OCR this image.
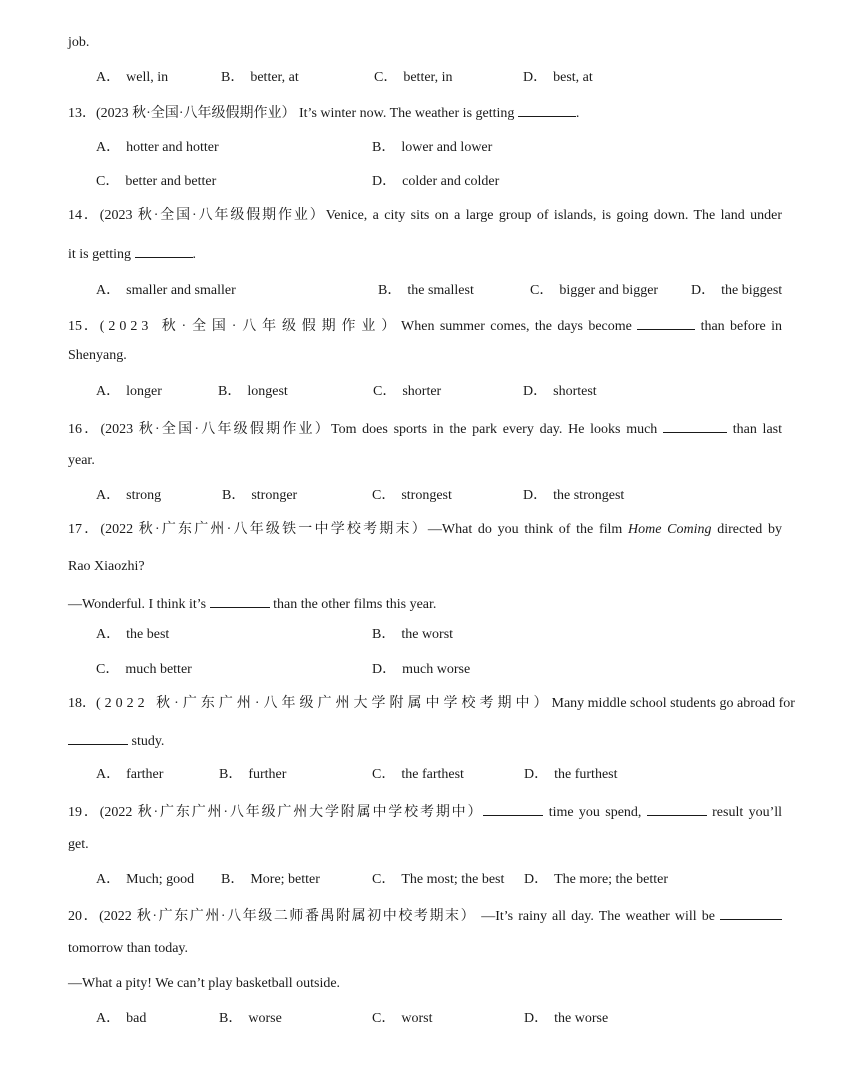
job.
A． well, in	B． better, at	C． better, in	D． best, at
13．(2023 秋·全国·八年级假期作业） It’s winter now. The weather is getting	.
A． hotter and hotter	B． lower and lower
C． better and better	D． colder and colder
14．(2023 秋·全国·八年级假期作业）Venice, a city sits on a large group of islands, is going down. The land under
it is getting	.
A． smaller and smaller	B． the smallest	C． bigger and bigger D． the biggest
15．(2023 秋·全国·八年级假期作业）When summer comes, the days become	than before in
Shenyang.
A． longer	B． longest	C． shorter	D． shortest
16．(2023 秋·全国·八年级假期作业）Tom does sports in the park every day. He looks much	than last
year.
A． strong	B． stronger	C． strongest	D． the strongest
17．(2022 秋·广东广州·八年级铁一中学校考期末）—What do you think of the film Home Coming directed by
Rao Xiaozhi?
—Wonderful. I think it’s	than the other films this year.
A． the best	B． the worst
C． much better	D． much worse
18．(2022 秋·广东广州·八年级广州大学附属中学校考期中）Many middle school students go abroad for
study.
A． farther	B． further	C． the farthest	D． the furthest
19．(2022 秋·广东广州·八年级广州大学附属中学校考期中）	time you spend,	result you’ll
get.
A． Much; good B． More; better	C． The most; the best D． The more; the better
20．(2022 秋·广东广州·八年级二师番禺附属初中校考期末） —It’s rainy all day. The weather will be
tomorrow than today.
—What a pity! We can’t play basketball outside.
A． bad	B． worse	C． worst	D． the worse
